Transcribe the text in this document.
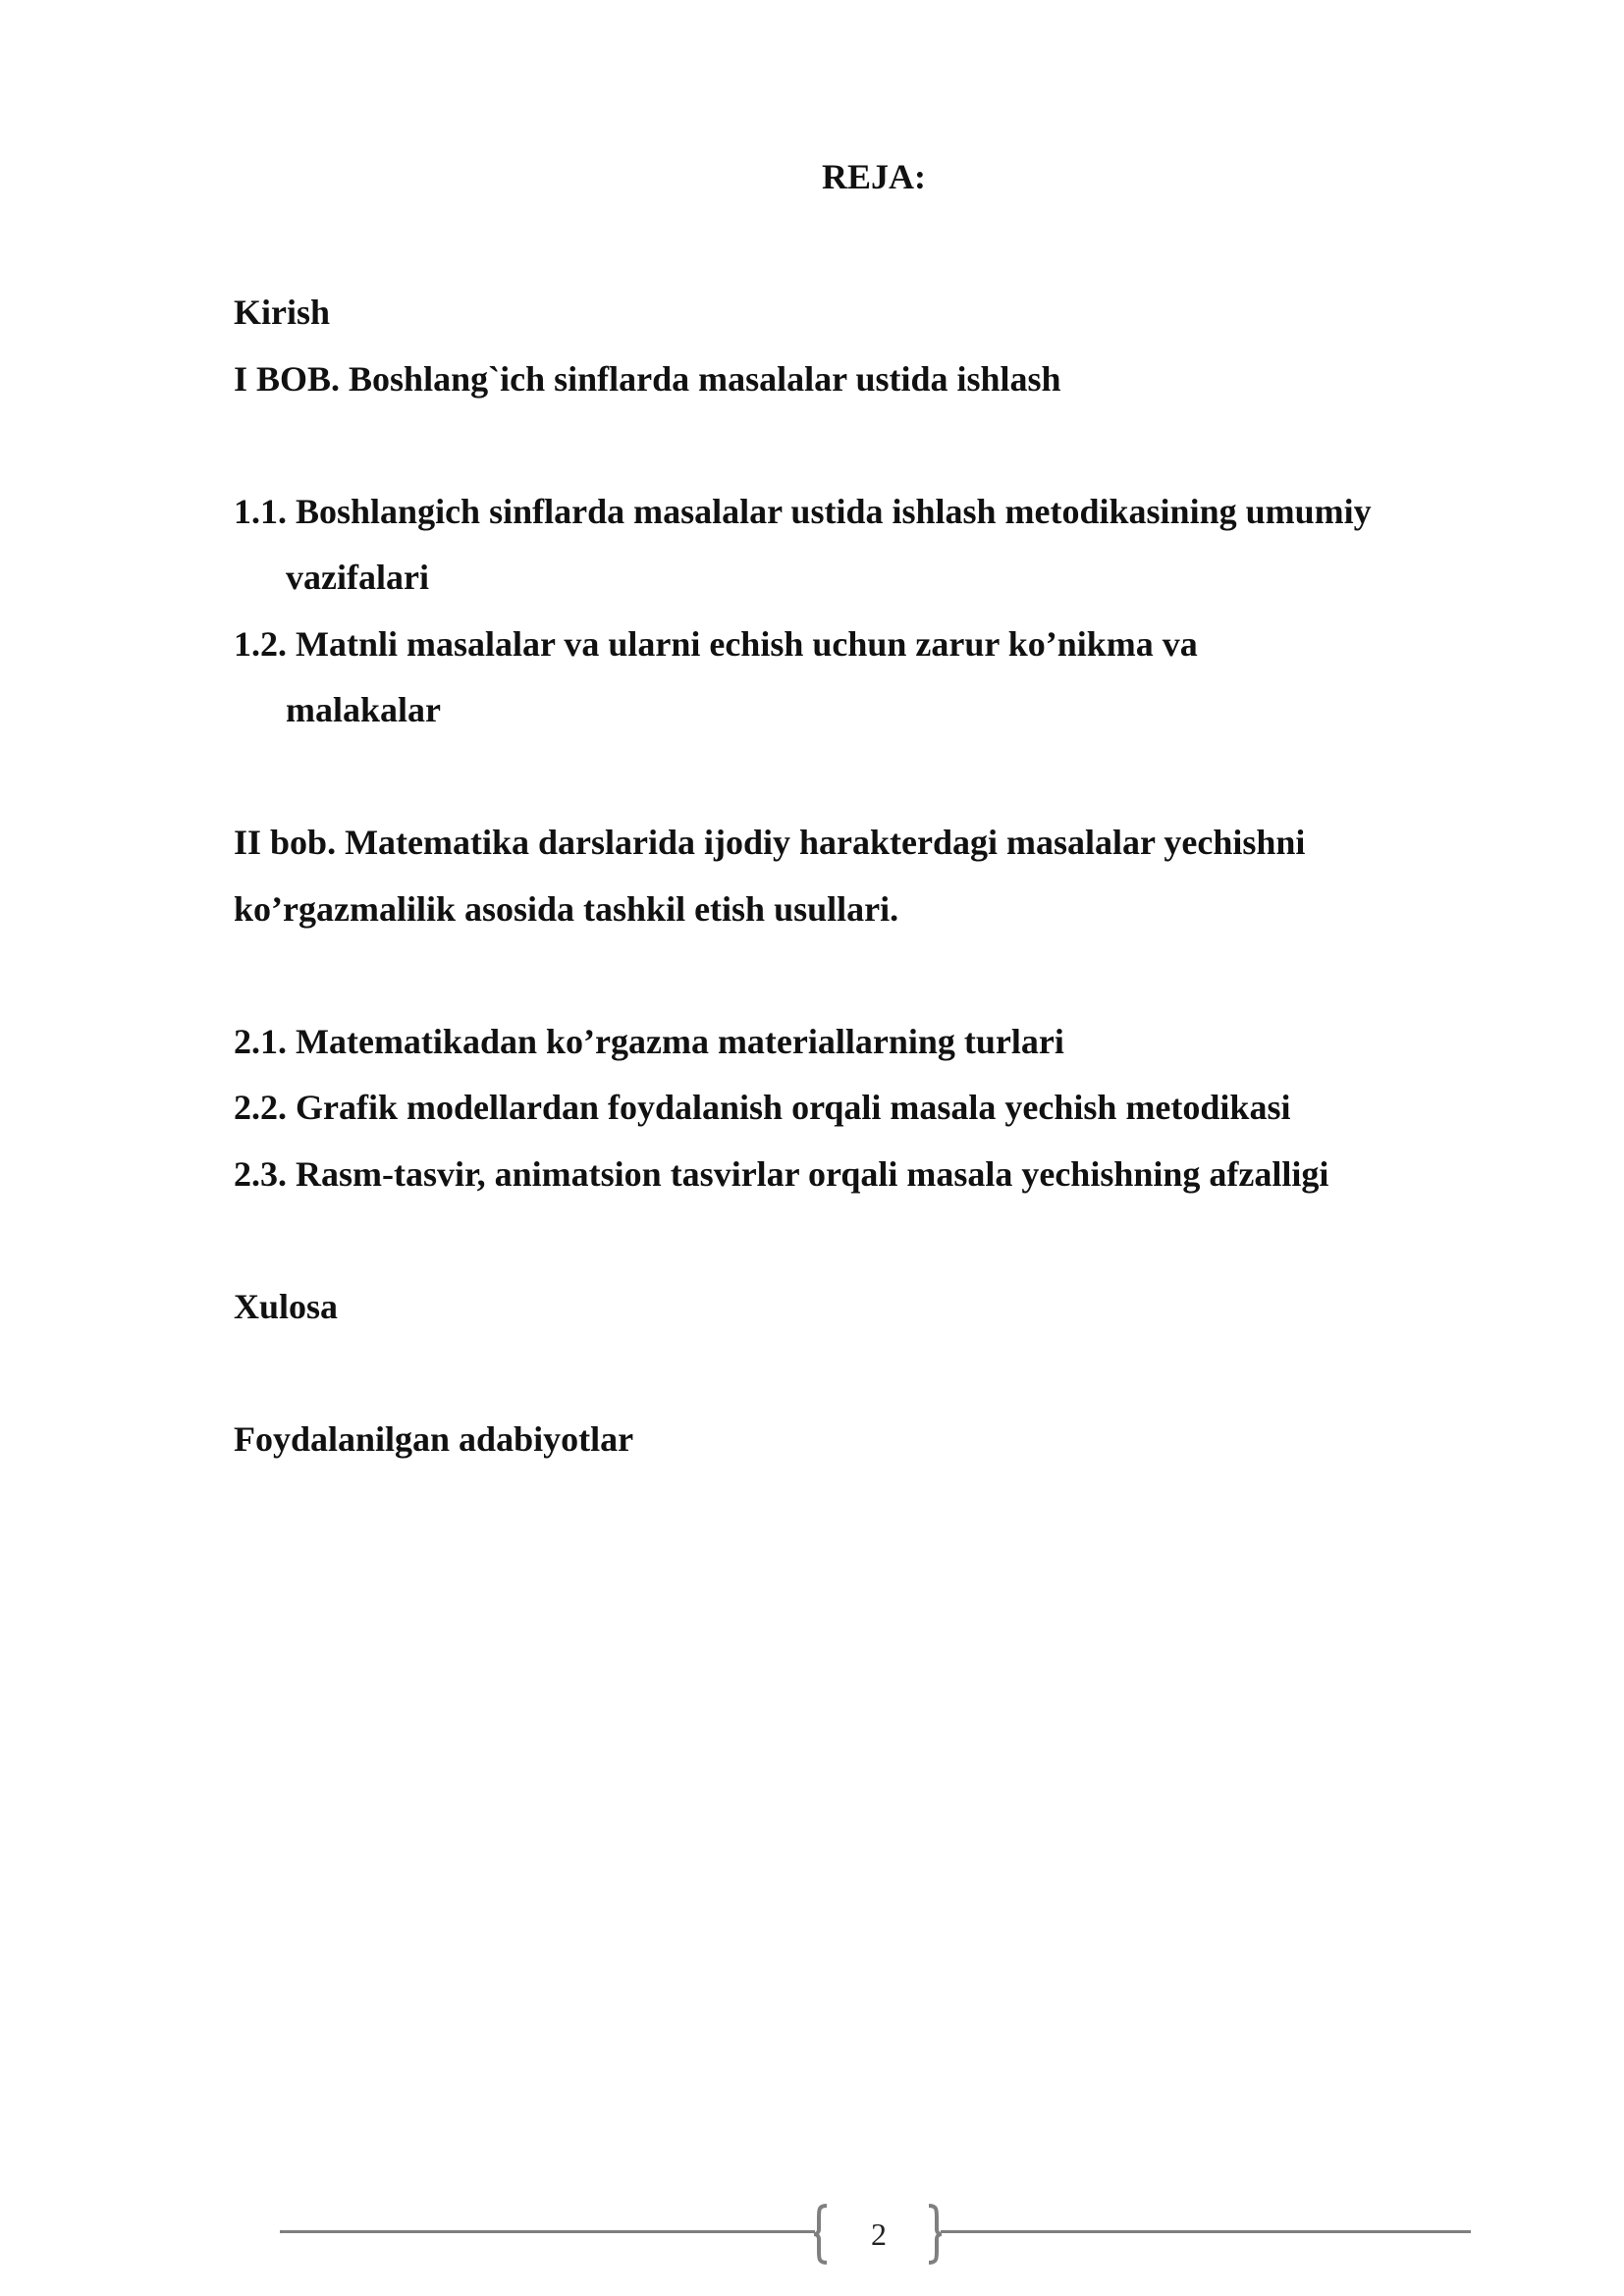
REJA:
Kirish
I BOB. Boshlang`ich sinflarda masalalar ustida ishlash
1.1. Boshlangich sinflarda masalalar ustida ishlash metodikasining umumiy
vazifalari
1.2. Matnli masalalar va ularni echish uchun zarur ko’nikma va
malakalar
II bob. Matematika darslarida ijodiy harakterdagi masalalar yechishni
ko’rgazmalilik asosida tashkil etish usullari.
2.1. Matematikadan ko’rgazma materiallarning turlari
2.2. Grafik modellardan foydalanish orqali masala yechish metodikasi
2.3. Rasm-tasvir, animatsion tasvirlar orqali masala yechishning afzalligi
Xulosa
Foydalanilgan adabiyotlar
2
